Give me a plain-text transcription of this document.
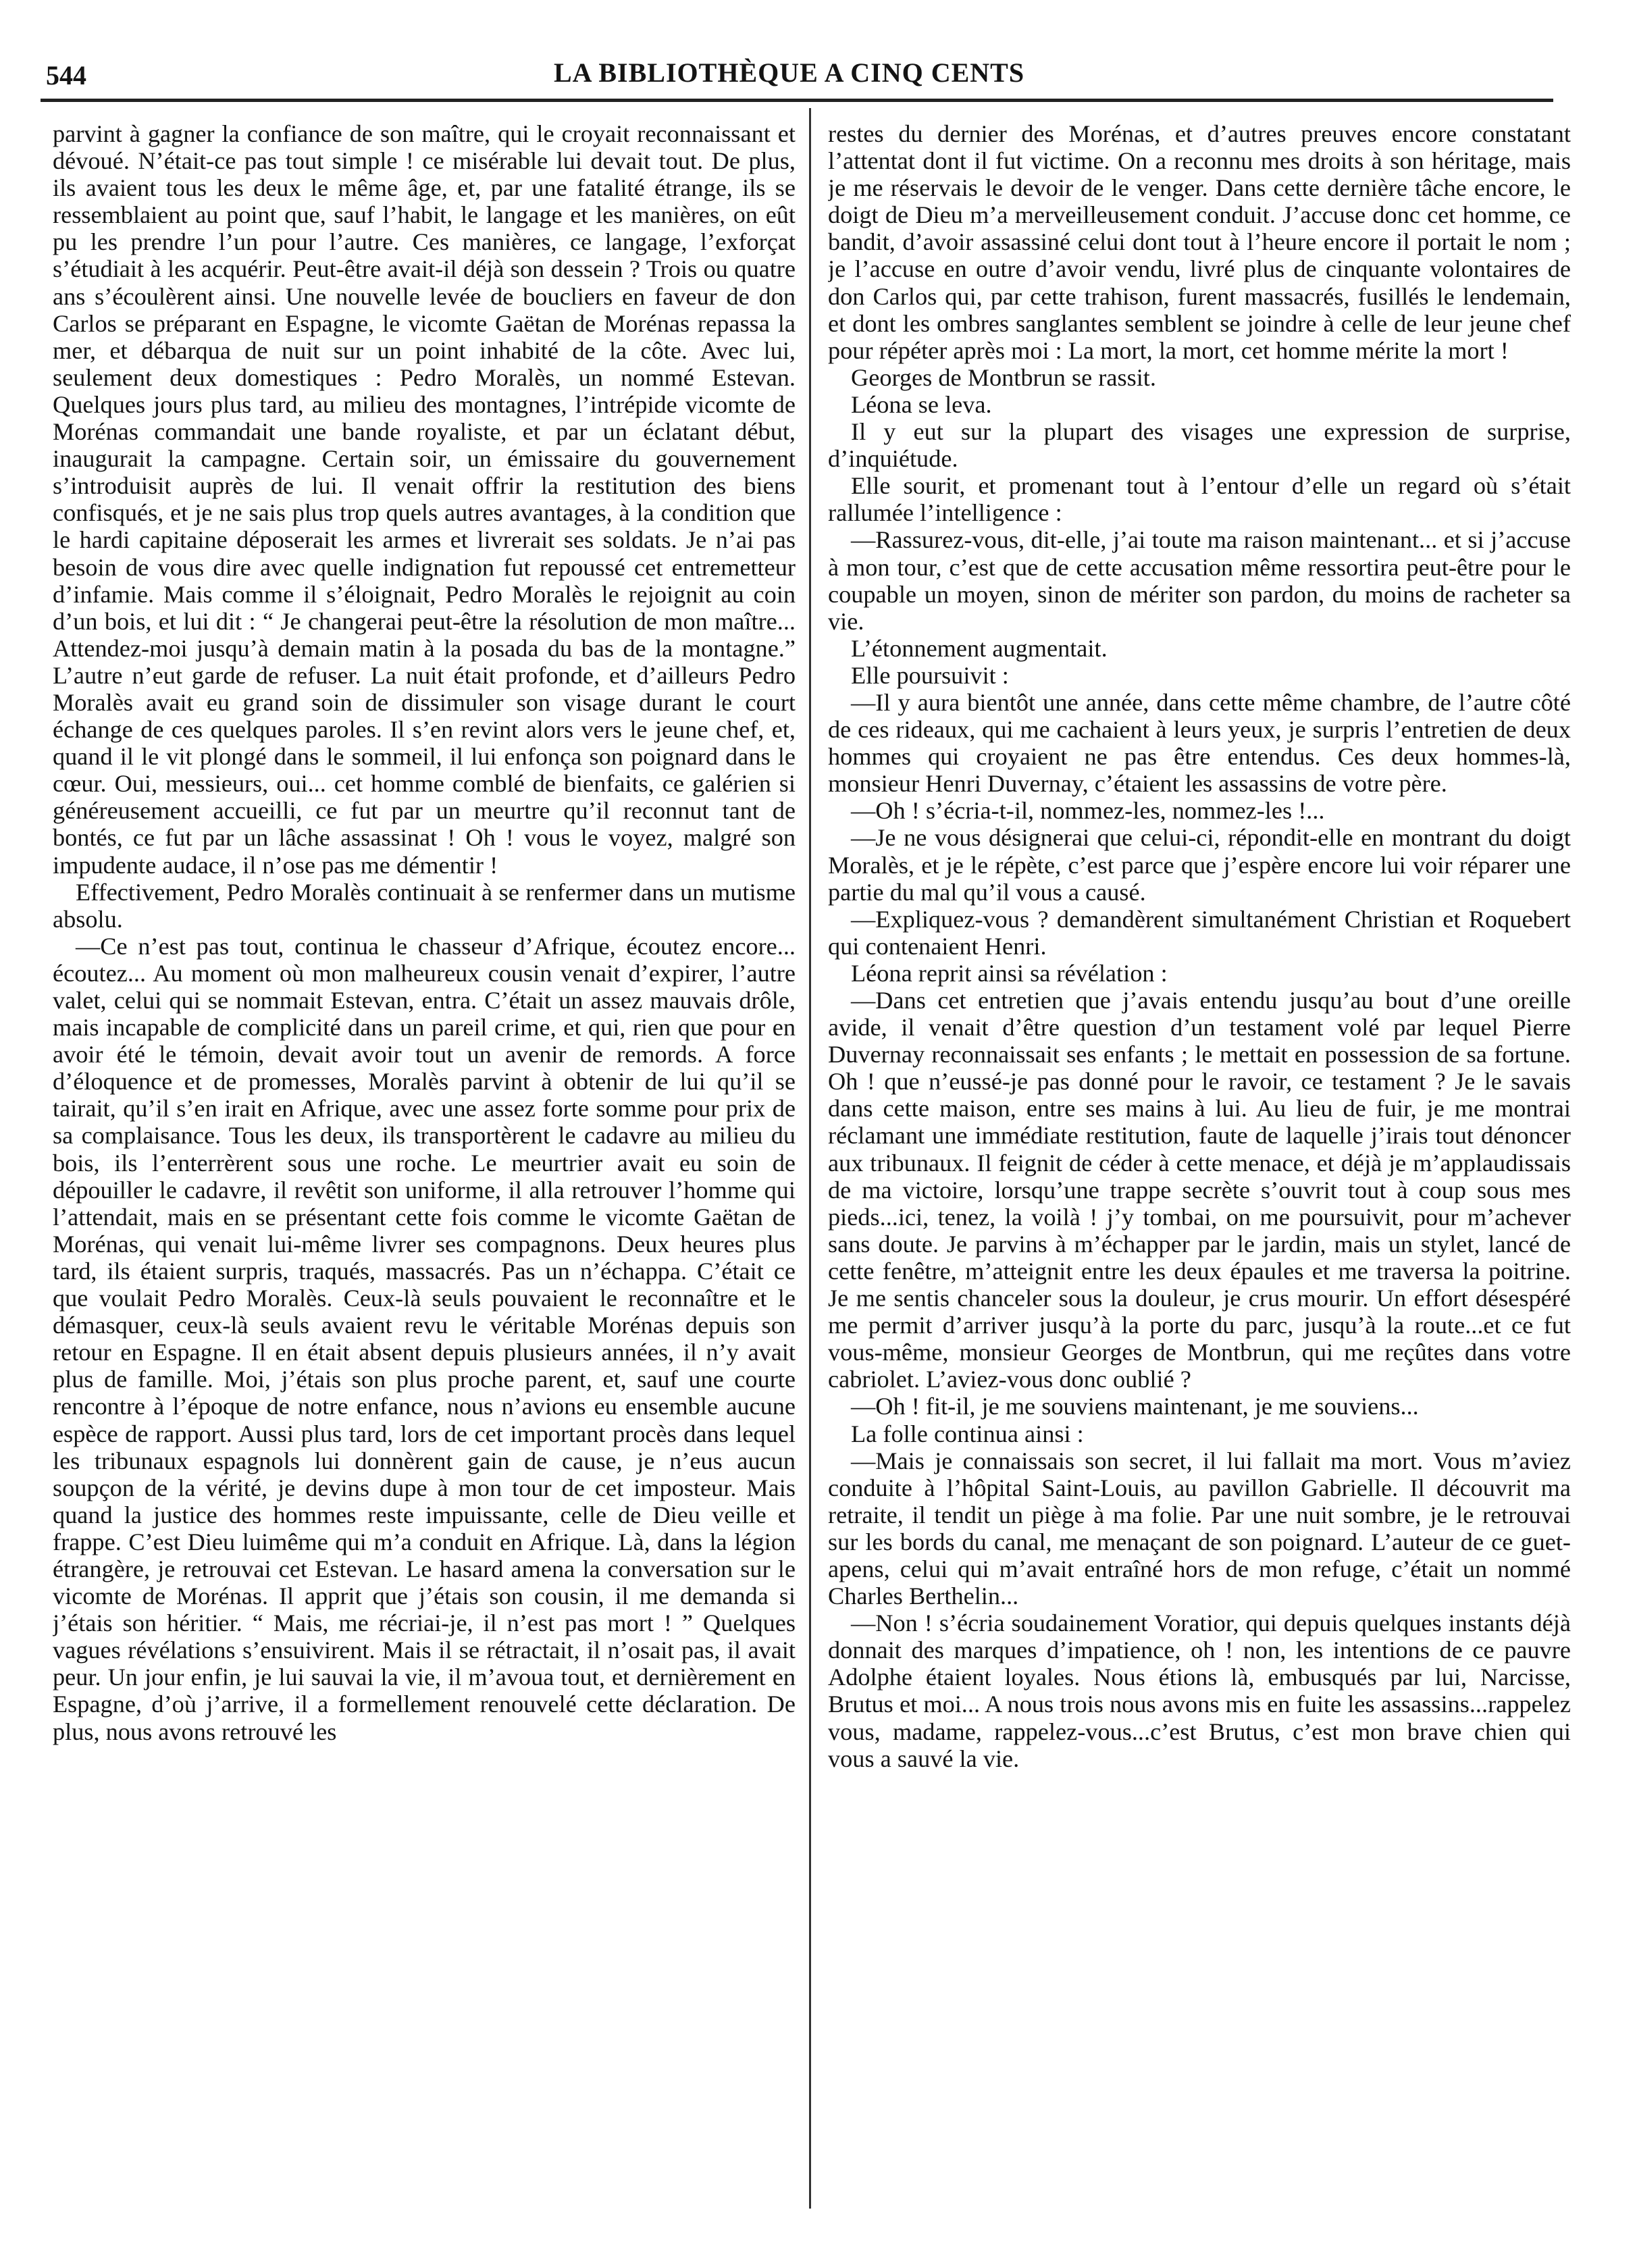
544	LA BIBLIOTHÈQUE A CINQ CENTS

parvint à gagner la confiance de son maître, qui le croyait reconnaissant et dévoué. N’était-ce pas tout simple ! ce misérable lui devait tout. De plus, ils avaient tous les deux le même âge, et, par une fatalité étrange, ils se ressemblaient au point que, sauf l’habit, le langage et les manières, on eût pu les prendre l’un pour l’autre. Ces manières, ce langage, l’exforçat s’étudiait à les acquérir. Peut-être avait-il déjà son dessein ? Trois ou quatre ans s’écoulèrent ainsi. Une nouvelle levée de boucliers en faveur de don Carlos se préparant en Espagne, le vicomte Gaëtan de Morénas repassa la mer, et débarqua de nuit sur un point inhabité de la côte. Avec lui, seulement deux domestiques : Pedro Moralès, un nommé Estevan. Quelques jours plus tard, au milieu des montagnes, l’intrépide vicomte de Morénas commandait une bande royaliste, et par un éclatant début, inaugurait la campagne. Certain soir, un émissaire du gouvernement s’introduisit auprès de lui. Il venait offrir la restitution des biens confisqués, et je ne sais plus trop quels autres avantages, à la condition que le hardi capitaine déposerait les armes et livrerait ses soldats. Je n’ai pas besoin de vous dire avec quelle indignation fut repoussé cet entremetteur d’infamie. Mais comme il s’éloignait, Pedro Moralès le rejoignit au coin d’un bois, et lui dit : “ Je changerai peut-être la résolution de mon maître... Attendez-moi jusqu’à demain matin à la posada du bas de la montagne.” L’autre n’eut garde de refuser. La nuit était profonde, et d’ailleurs Pedro Moralès avait eu grand soin de dissimuler son visage durant le court échange de ces quelques paroles. Il s’en revint alors vers le jeune chef, et, quand il le vit plongé dans le sommeil, il lui enfonça son poignard dans le cœur. Oui, messieurs, oui... cet homme comblé de bienfaits, ce galérien si généreusement accueilli, ce fut par un meurtre qu’il reconnut tant de bontés, ce fut par un lâche assassinat ! Oh ! vous le voyez, malgré son impudente audace, il n’ose pas me démentir !

Effectivement, Pedro Moralès continuait à se renfermer dans un mutisme absolu.

—Ce n’est pas tout, continua le chasseur d’Afrique, écoutez encore... écoutez... Au moment où mon malheureux cousin venait d’expirer, l’autre valet, celui qui se nommait Estevan, entra. C’était un assez mauvais drôle, mais incapable de complicité dans un pareil crime, et qui, rien que pour en avoir été le témoin, devait avoir tout un avenir de remords. A force d’éloquence et de promesses, Moralès parvint à obtenir de lui qu’il se tairait, qu’il s’en irait en Afrique, avec une assez forte somme pour prix de sa complaisance. Tous les deux, ils transportèrent le cadavre au milieu du bois, ils l’enterrèrent sous une roche. Le meurtrier avait eu soin de dépouiller le cadavre, il revêtit son uniforme, il alla retrouver l’homme qui l’attendait, mais en se présentant cette fois comme le vicomte Gaëtan de Morénas, qui venait lui-même livrer ses compagnons. Deux heures plus tard, ils étaient surpris, traqués, massacrés. Pas un n’échappa. C’était ce que voulait Pedro Moralès. Ceux-là seuls pouvaient le reconnaître et le démasquer, ceux-là seuls avaient revu le véritable Morénas depuis son retour en Espagne. Il en était absent depuis plusieurs années, il n’y avait plus de famille. Moi, j’étais son plus proche parent, et, sauf une courte rencontre à l’époque de notre enfance, nous n’avions eu ensemble aucune espèce de rapport. Aussi plus tard, lors de cet important procès dans lequel les tribunaux espagnols lui donnèrent gain de cause, je n’eus aucun soupçon de la vérité, je devins dupe à mon tour de cet imposteur. Mais quand la justice des hommes reste impuissante, celle de Dieu veille et frappe. C’est Dieu luimême qui m’a conduit en Afrique. Là, dans la légion étrangère, je retrouvai cet Estevan. Le hasard amena la conversation sur le vicomte de Morénas. Il apprit que j’étais son cousin, il me demanda si j’étais son héritier. “ Mais, me récriai-je, il n’est pas mort ! ” Quelques vagues révélations s’ensuivirent. Mais il se rétractait, il n’osait pas, il avait peur. Un jour enfin, je lui sauvai la vie, il m’avoua tout, et dernièrement en Espagne, d’où j’arrive, il a formellement renouvelé cette déclaration. De plus, nous avons retrouvé les

restes du dernier des Morénas, et d’autres preuves encore constatant l’attentat dont il fut victime. On a reconnu mes droits à son héritage, mais je me réservais le devoir de le venger. Dans cette dernière tâche encore, le doigt de Dieu m’a merveilleusement conduit. J’accuse donc cet homme, ce bandit, d’avoir assassiné celui dont tout à l’heure encore il portait le nom ; je l’accuse en outre d’avoir vendu, livré plus de cinquante volontaires de don Carlos qui, par cette trahison, furent massacrés, fusillés le lendemain, et dont les ombres sanglantes semblent se joindre à celle de leur jeune chef pour répéter après moi : La mort, la mort, cet homme mérite la mort !

Georges de Montbrun se rassit.

Léona se leva.

Il y eut sur la plupart des visages une expression de surprise, d’inquiétude.

Elle sourit, et promenant tout à l’entour d’elle un regard où s’était rallumée l’intelligence :

—Rassurez-vous, dit-elle, j’ai toute ma raison maintenant... et si j’accuse à mon tour, c’est que de cette accusation même ressortira peut-être pour le coupable un moyen, sinon de mériter son pardon, du moins de racheter sa vie.

L’étonnement augmentait.

Elle poursuivit :

—Il y aura bientôt une année, dans cette même chambre, de l’autre côté de ces rideaux, qui me cachaient à leurs yeux, je surpris l’entretien de deux hommes qui croyaient ne pas être entendus. Ces deux hommes-là, monsieur Henri Duvernay, c’étaient les assassins de votre père.

—Oh ! s’écria-t-il, nommez-les, nommez-les !...

—Je ne vous désignerai que celui-ci, répondit-elle en montrant du doigt Moralès, et je le répète, c’est parce que j’espère encore lui voir réparer une partie du mal qu’il vous a causé.

—Expliquez-vous ? demandèrent simultanément Christian et Roquebert qui contenaient Henri.

Léona reprit ainsi sa révélation :

—Dans cet entretien que j’avais entendu jusqu’au bout d’une oreille avide, il venait d’être question d’un testament volé par lequel Pierre Duvernay reconnaissait ses enfants ; le mettait en possession de sa fortune. Oh ! que n’eussé-je pas donné pour le ravoir, ce testament ? Je le savais dans cette maison, entre ses mains à lui. Au lieu de fuir, je me montrai réclamant une immédiate restitution, faute de laquelle j’irais tout dénoncer aux tribunaux. Il feignit de céder à cette menace, et déjà je m’applaudissais de ma victoire, lorsqu’une trappe secrète s’ouvrit tout à coup sous mes pieds...ici, tenez, la voilà ! j’y tombai, on me poursuivit, pour m’achever sans doute. Je parvins à m’échapper par le jardin, mais un stylet, lancé de cette fenêtre, m’atteignit entre les deux épaules et me traversa la poitrine. Je me sentis chanceler sous la douleur, je crus mourir. Un effort désespéré me permit d’arriver jusqu’à la porte du parc, jusqu’à la route...et ce fut vous-même, monsieur Georges de Montbrun, qui me reçûtes dans votre cabriolet. L’aviez-vous donc oublié ?

—Oh ! fit-il, je me souviens maintenant, je me souviens...

La folle continua ainsi :

—Mais je connaissais son secret, il lui fallait ma mort. Vous m’aviez conduite à l’hôpital Saint-Louis, au pavillon Gabrielle. Il découvrit ma retraite, il tendit un piège à ma folie. Par une nuit sombre, je le retrouvai sur les bords du canal, me menaçant de son poignard. L’auteur de ce guet-apens, celui qui m’avait entraîné hors de mon refuge, c’était un nommé Charles Berthelin...

—Non ! s’écria soudainement Voratior, qui depuis quelques instants déjà donnait des marques d’impatience, oh ! non, les intentions de ce pauvre Adolphe étaient loyales. Nous étions là, embusqués par lui, Narcisse, Brutus et moi... A nous trois nous avons mis en fuite les assassins...rappelez vous, madame, rappelez-vous...c’est Brutus, c’est mon brave chien qui vous a sauvé la vie.
